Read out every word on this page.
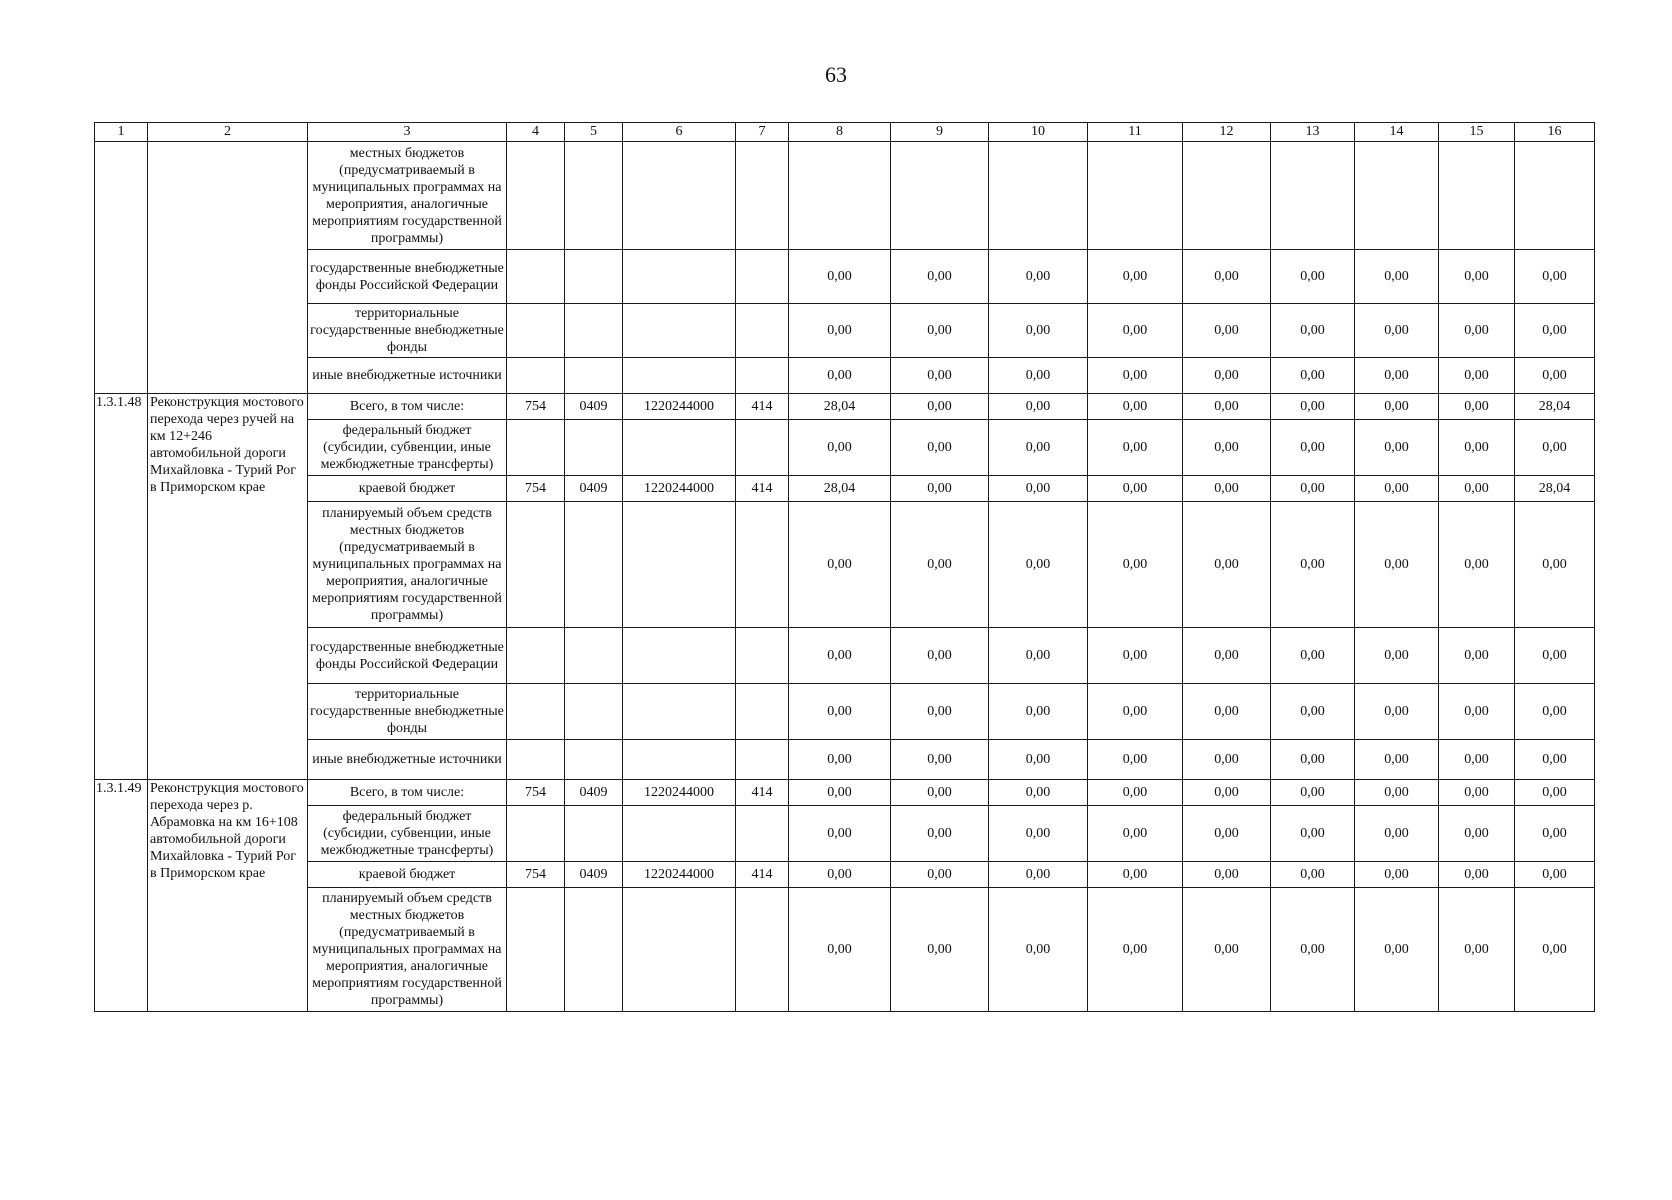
63
1	2	3	4	5	6	7	8	9	10	11	12	13	14	15	16
		местных бюджетов (предусматриваемый в муниципальных программах на мероприятия, аналогичные мероприятиям государственной программы)													
		государственные внебюджетные фонды Российской Федерации					0,00	0,00	0,00	0,00	0,00	0,00	0,00	0,00	0,00
		территориальные государственные внебюджетные фонды					0,00	0,00	0,00	0,00	0,00	0,00	0,00	0,00	0,00
		иные внебюджетные источники					0,00	0,00	0,00	0,00	0,00	0,00	0,00	0,00	0,00
1.3.1.48	Реконструкция мостового перехода через ручей на км 12+246 автомобильной дороги Михайловка - Турий Рог в Приморском крае	Всего, в том числе:	754	0409	1220244000	414	28,04	0,00	0,00	0,00	0,00	0,00	0,00	0,00	28,04
		федеральный бюджет (субсидии, субвенции, иные межбюджетные трансферты)					0,00	0,00	0,00	0,00	0,00	0,00	0,00	0,00	0,00
		краевой бюджет	754	0409	1220244000	414	28,04	0,00	0,00	0,00	0,00	0,00	0,00	0,00	28,04
		планируемый объем средств местных бюджетов (предусматриваемый в муниципальных программах на мероприятия, аналогичные мероприятиям государственной программы)					0,00	0,00	0,00	0,00	0,00	0,00	0,00	0,00	0,00
		государственные внебюджетные фонды Российской Федерации					0,00	0,00	0,00	0,00	0,00	0,00	0,00	0,00	0,00
		территориальные государственные внебюджетные фонды					0,00	0,00	0,00	0,00	0,00	0,00	0,00	0,00	0,00
		иные внебюджетные источники					0,00	0,00	0,00	0,00	0,00	0,00	0,00	0,00	0,00
1.3.1.49	Реконструкция мостового перехода через р. Абрамовка на км 16+108 автомобильной дороги Михайловка - Турий Рог в Приморском крае	Всего, в том числе:	754	0409	1220244000	414	0,00	0,00	0,00	0,00	0,00	0,00	0,00	0,00	0,00
		федеральный бюджет (субсидии, субвенции, иные межбюджетные трансферты)					0,00	0,00	0,00	0,00	0,00	0,00	0,00	0,00	0,00
		краевой бюджет	754	0409	1220244000	414	0,00	0,00	0,00	0,00	0,00	0,00	0,00	0,00	0,00
		планируемый объем средств местных бюджетов (предусматриваемый в муниципальных программах на мероприятия, аналогичные мероприятиям государственной программы)					0,00	0,00	0,00	0,00	0,00	0,00	0,00	0,00	0,00
